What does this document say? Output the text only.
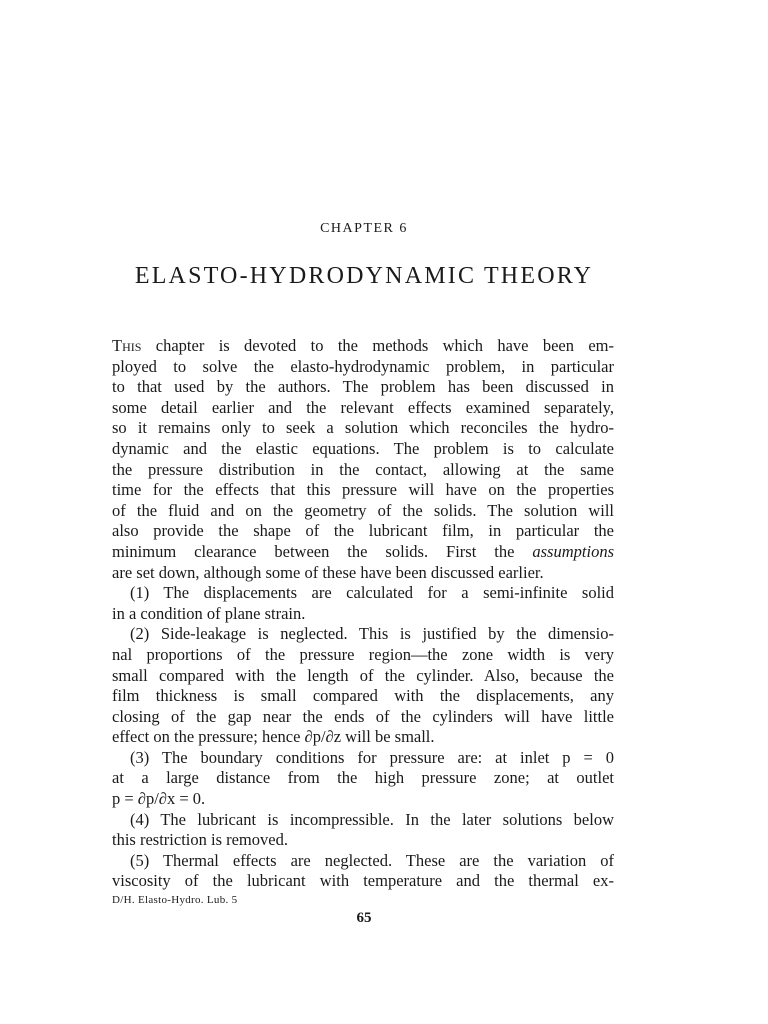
CHAPTER 6
ELASTO-HYDRODYNAMIC THEORY
This chapter is devoted to the methods which have been em-
ployed to solve the elasto-hydrodynamic problem, in particular
to that used by the authors. The problem has been discussed in
some detail earlier and the relevant effects examined separately,
so it remains only to seek a solution which reconciles the hydro-
dynamic and the elastic equations. The problem is to calculate
the pressure distribution in the contact, allowing at the same
time for the effects that this pressure will have on the properties
of the fluid and on the geometry of the solids. The solution will
also provide the shape of the lubricant film, in particular the
minimum clearance between the solids. First the assumptions
are set down, although some of these have been discussed earlier.
(1) The displacements are calculated for a semi-infinite solid
in a condition of plane strain.
(2) Side-leakage is neglected. This is justified by the dimensio-
nal proportions of the pressure region—the zone width is very
small compared with the length of the cylinder. Also, because the
film thickness is small compared with the displacements, any
closing of the gap near the ends of the cylinders will have little
effect on the pressure; hence ∂p/∂z will be small.
(3) The boundary conditions for pressure are: at inlet p = 0
at a large distance from the high pressure zone; at outlet
p = ∂p/∂x = 0.
(4) The lubricant is incompressible. In the later solutions below
this restriction is removed.
(5) Thermal effects are neglected. These are the variation of
viscosity of the lubricant with temperature and the thermal ex-
D/H. Elasto-Hydro. Lub. 5
65
